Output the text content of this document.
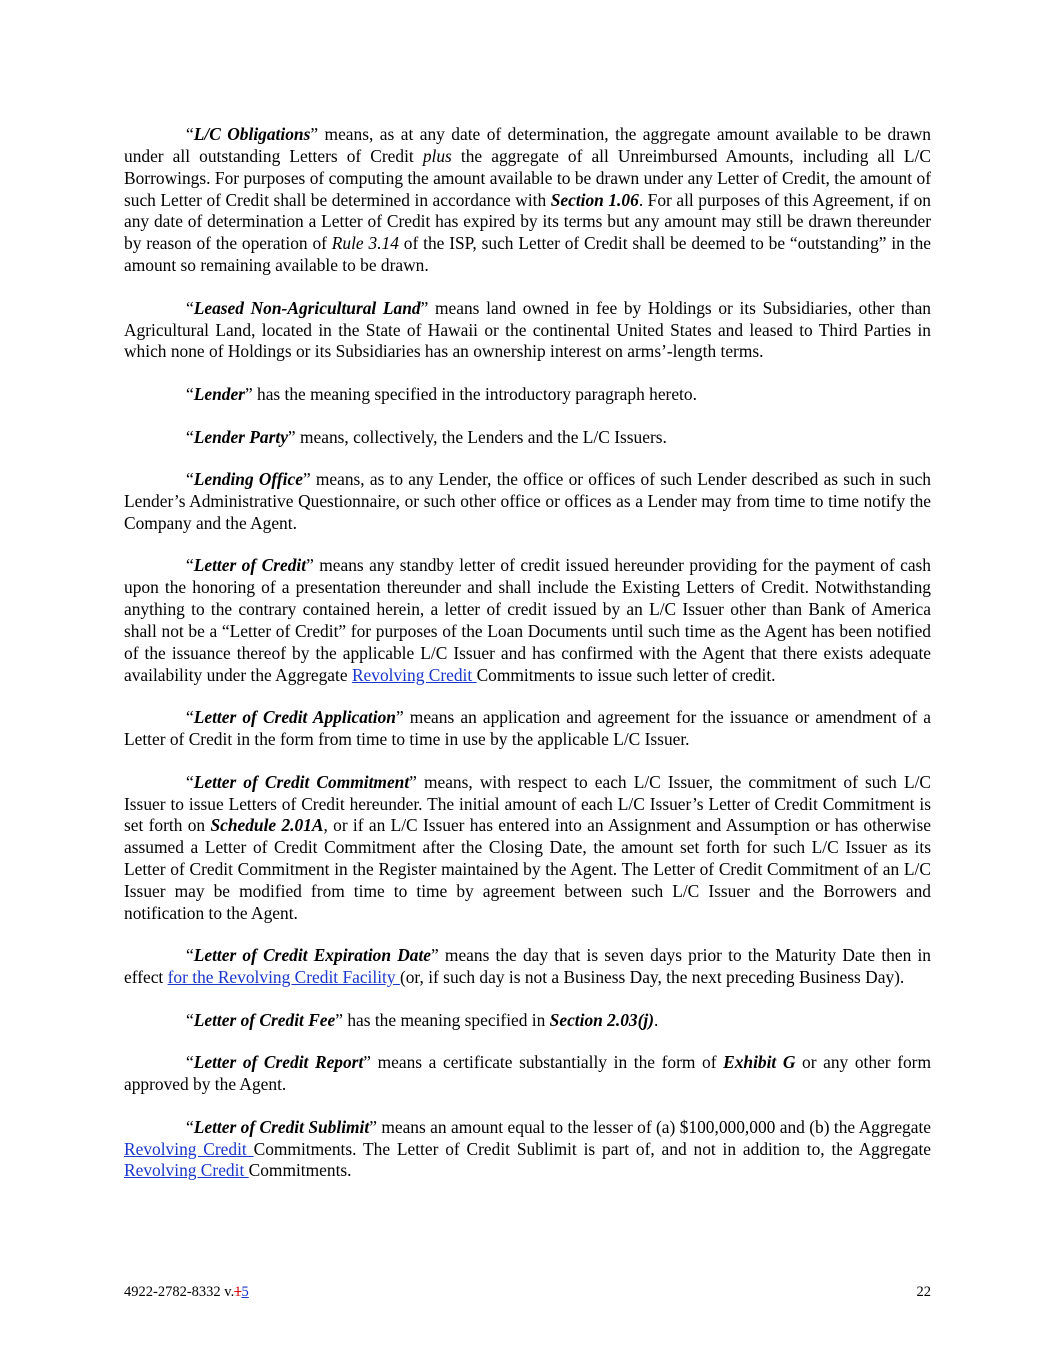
“L/C Obligations” means, as at any date of determination, the aggregate amount available to be drawn under all outstanding Letters of Credit plus the aggregate of all Unreimbursed Amounts, including all L/C Borrowings. For purposes of computing the amount available to be drawn under any Letter of Credit, the amount of such Letter of Credit shall be determined in accordance with Section 1.06. For all purposes of this Agreement, if on any date of determination a Letter of Credit has expired by its terms but any amount may still be drawn thereunder by reason of the operation of Rule 3.14 of the ISP, such Letter of Credit shall be deemed to be “outstanding” in the amount so remaining available to be drawn.

“Leased Non-Agricultural Land” means land owned in fee by Holdings or its Subsidiaries, other than Agricultural Land, located in the State of Hawaii or the continental United States and leased to Third Parties in which none of Holdings or its Subsidiaries has an ownership interest on arms’-length terms.

“Lender” has the meaning specified in the introductory paragraph hereto.

“Lender Party” means, collectively, the Lenders and the L/C Issuers.

“Lending Office” means, as to any Lender, the office or offices of such Lender described as such in such Lender’s Administrative Questionnaire, or such other office or offices as a Lender may from time to time notify the Company and the Agent.

“Letter of Credit” means any standby letter of credit issued hereunder providing for the payment of cash upon the honoring of a presentation thereunder and shall include the Existing Letters of Credit. Notwithstanding anything to the contrary contained herein, a letter of credit issued by an L/C Issuer other than Bank of America shall not be a “Letter of Credit” for purposes of the Loan Documents until such time as the Agent has been notified of the issuance thereof by the applicable L/C Issuer and has confirmed with the Agent that there exists adequate availability under the Aggregate Revolving Credit Commitments to issue such letter of credit.

“Letter of Credit Application” means an application and agreement for the issuance or amendment of a Letter of Credit in the form from time to time in use by the applicable L/C Issuer.

“Letter of Credit Commitment” means, with respect to each L/C Issuer, the commitment of such L/C Issuer to issue Letters of Credit hereunder. The initial amount of each L/C Issuer’s Letter of Credit Commitment is set forth on Schedule 2.01A, or if an L/C Issuer has entered into an Assignment and Assumption or has otherwise assumed a Letter of Credit Commitment after the Closing Date, the amount set forth for such L/C Issuer as its Letter of Credit Commitment in the Register maintained by the Agent. The Letter of Credit Commitment of an L/C Issuer may be modified from time to time by agreement between such L/C Issuer and the Borrowers and notification to the Agent.

“Letter of Credit Expiration Date” means the day that is seven days prior to the Maturity Date then in effect for the Revolving Credit Facility (or, if such day is not a Business Day, the next preceding Business Day).

“Letter of Credit Fee” has the meaning specified in Section 2.03(j).

“Letter of Credit Report” means a certificate substantially in the form of Exhibit G or any other form approved by the Agent.

“Letter of Credit Sublimit” means an amount equal to the lesser of (a) $100,000,000 and (b) the Aggregate Revolving Credit Commitments. The Letter of Credit Sublimit is part of, and not in addition to, the Aggregate Revolving Credit Commitments.

4922-2782-8332 v.15	22
